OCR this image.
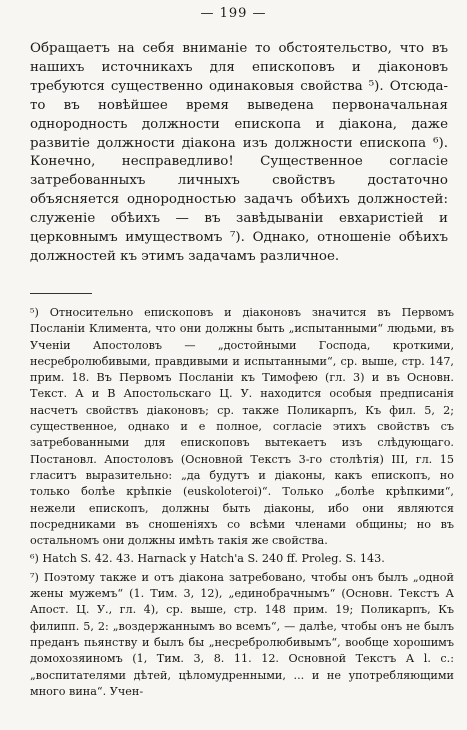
— 199 —

Обращаетъ на себя вниманіе то обстоятельство, что въ нашихъ источникахъ для епископовъ и діаконовъ требуются существенно одинаковыя свойства ⁵). Отсюда-то въ новѣйшее время выведена первоначальная однородность должности епископа и діакона, даже развитіе должности діакона изъ должности епископа ⁶). Конечно, несправедливо! Существенное согласіе затребованныхъ личныхъ свойствъ достаточно объясняется однородностью задачъ обѣихъ должностей: служеніе обѣихъ — въ завѣдываніи евхаристіей и церковнымъ имуществомъ ⁷). Однако, отношеніе обѣихъ должностей къ этимъ задачамъ различное.

⁵) Относительно епископовъ и діаконовъ значится въ Первомъ Посланіи Климента, что они должны быть „испытанными“ людьми, въ Ученіи Апостоловъ — „достойными Господа, кроткими, несребролюбивыми, правдивыми и испытанными“, ср. выше, стр. 147, прим. 18. Въ Первомъ Посланіи къ Тимофею (гл. 3) и въ Основн. Текст. А и В Апостольскаго Ц. У. находится особыя предписанія насчетъ свойствъ діаконовъ; ср. также Поликарпъ, Къ фил. 5, 2; существенное, однако и е полное, согласіе этихъ свойствъ съ затребованными для епископовъ вытекаетъ изъ слѣдующаго. Постановл. Апостоловъ (Основной Текстъ 3-го столѣтія) III, гл. 15 гласитъ выразительно: „да будутъ и діаконы, какъ епископъ, но только болѣе крѣпкіе (euskoloteroi)“. Только „болѣе крѣпкими“, нежели епископъ, должны быть діаконы, ибо они являются посредниками въ сношеніяхъ со всѣми членами общины; но въ остальномъ они должны имѣть такія же свойства.

⁶) Hatch S. 42. 43. Harnack у Hatch'a S. 240 ff. Proleg. S. 143.

⁷) Поэтому также и отъ діакона затребовано, чтобы онъ былъ „одной жены мужемъ“ (1. Тим. 3, 12), „единобрачнымъ“ (Основн. Текстъ А Апост. Ц. У., гл. 4), ср. выше, стр. 148 прим. 19; Поликарпъ, Къ филипп. 5, 2: „воздержаннымъ во всемъ“, — далѣе, чтобы онъ не былъ преданъ пьянству и былъ бы „несребролюбивымъ“, вообще хорошимъ домохозяиномъ (1, Тим. 3, 8. 11. 12. Основной Текстъ А l. c.: „воспитателями дѣтей, цѣломудренными, ... и не употребляющими много вина“. Учен-
